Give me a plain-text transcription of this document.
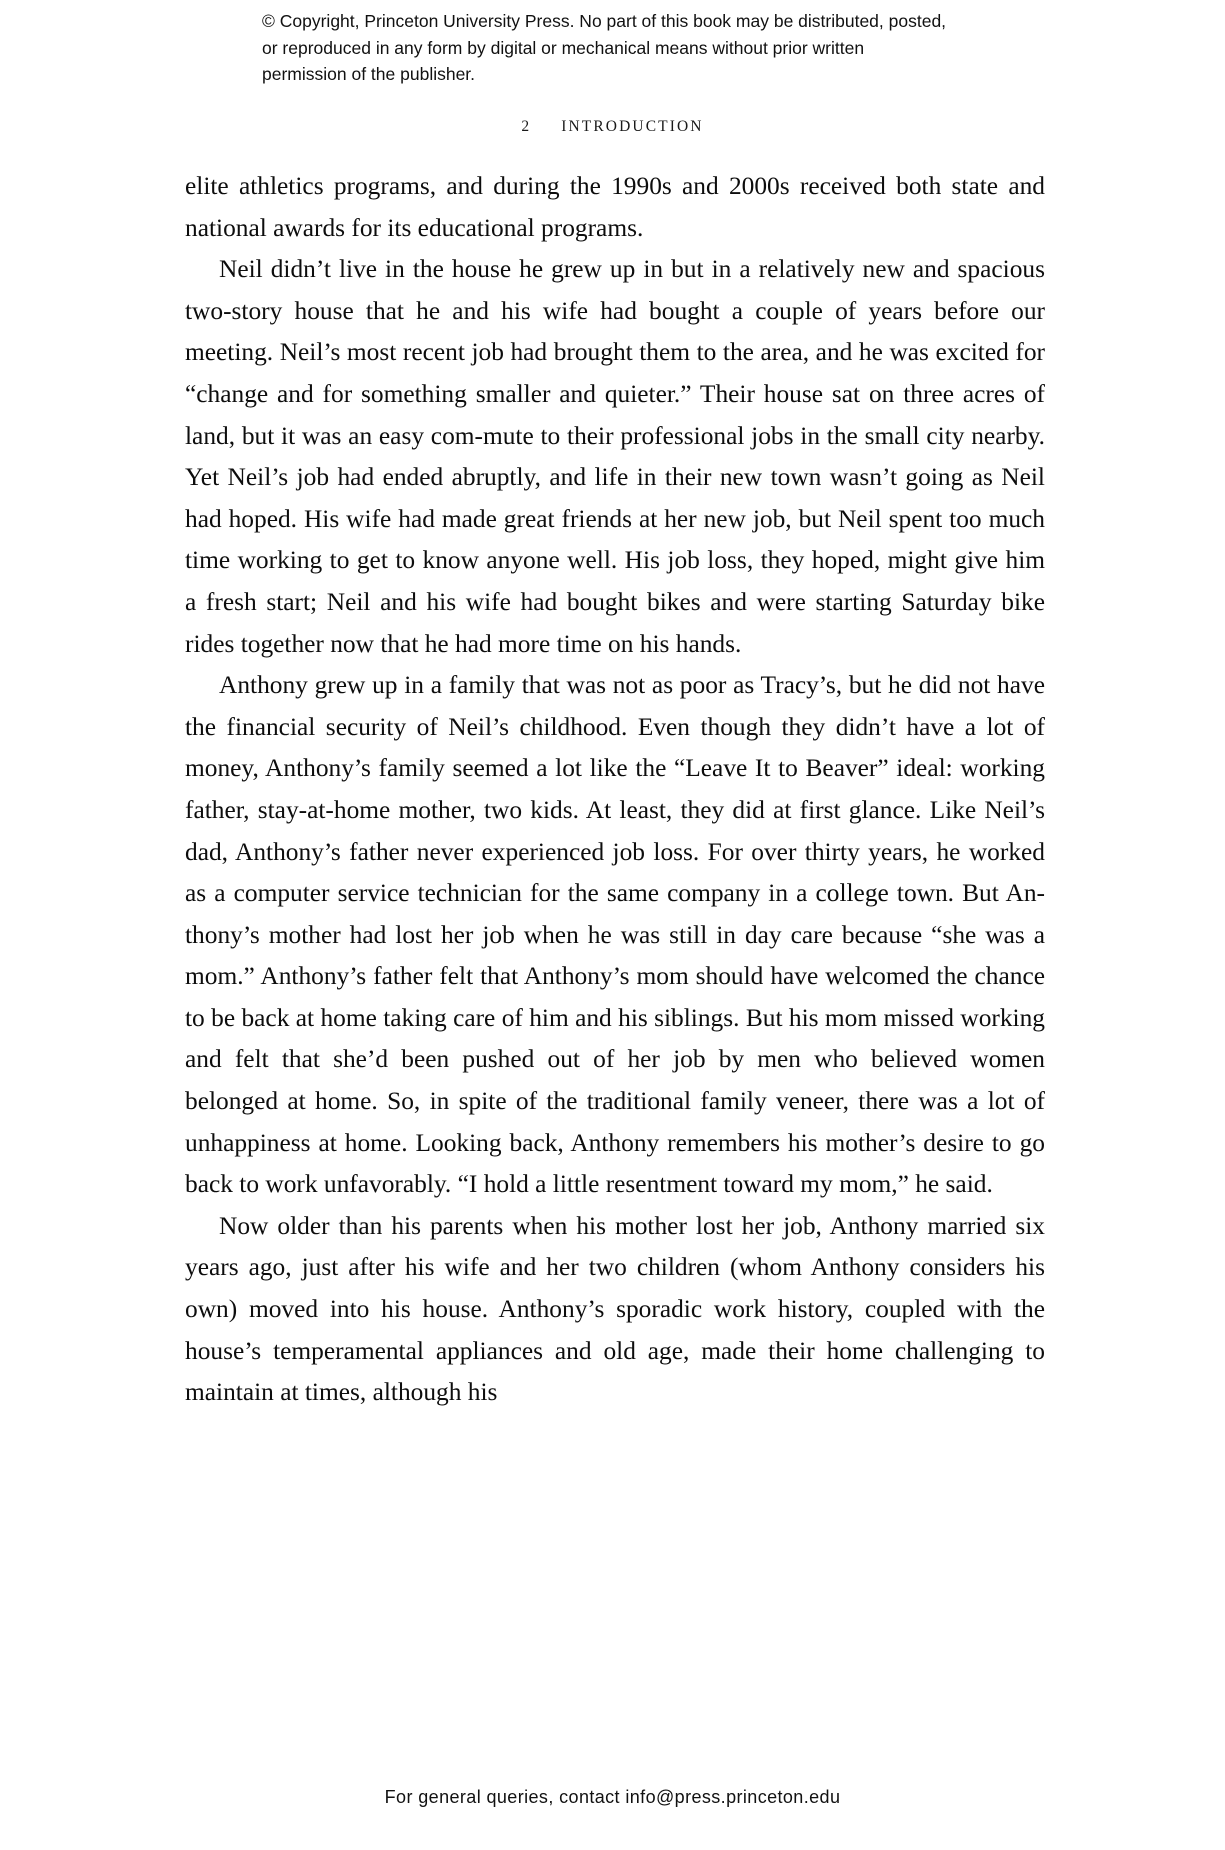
© Copyright, Princeton University Press. No part of this book may be distributed, posted, or reproduced in any form by digital or mechanical means without prior written permission of the publisher.
2 INTRODUCTION

elite athletics programs, and during the 1990s and 2000s received both state and national awards for its educational programs.

Neil didn’t live in the house he grew up in but in a relatively new and spacious two-story house that he and his wife had bought a couple of years before our meeting. Neil’s most recent job had brought them to the area, and he was excited for “change and for something smaller and quieter.” Their house sat on three acres of land, but it was an easy com-mute to their professional jobs in the small city nearby. Yet Neil’s job had ended abruptly, and life in their new town wasn’t going as Neil had hoped. His wife had made great friends at her new job, but Neil spent too much time working to get to know anyone well. His job loss, they hoped, might give him a fresh start; Neil and his wife had bought bikes and were starting Saturday bike rides together now that he had more time on his hands.

Anthony grew up in a family that was not as poor as Tracy’s, but he did not have the financial security of Neil’s childhood. Even though they didn’t have a lot of money, Anthony’s family seemed a lot like the “Leave It to Beaver” ideal: working father, stay-at-home mother, two kids. At least, they did at first glance. Like Neil’s dad, Anthony’s father never experienced job loss. For over thirty years, he worked as a computer service technician for the same company in a college town. But An-thony’s mother had lost her job when he was still in day care because “she was a mom.” Anthony’s father felt that Anthony’s mom should have welcomed the chance to be back at home taking care of him and his siblings. But his mom missed working and felt that she’d been pushed out of her job by men who believed women belonged at home. So, in spite of the traditional family veneer, there was a lot of unhappiness at home. Looking back, Anthony remembers his mother’s desire to go back to work unfavorably. “I hold a little resentment toward my mom,” he said.

Now older than his parents when his mother lost her job, Anthony married six years ago, just after his wife and her two children (whom Anthony considers his own) moved into his house. Anthony’s sporadic work history, coupled with the house’s temperamental appliances and old age, made their home challenging to maintain at times, although his

For general queries, contact info@press.princeton.edu
